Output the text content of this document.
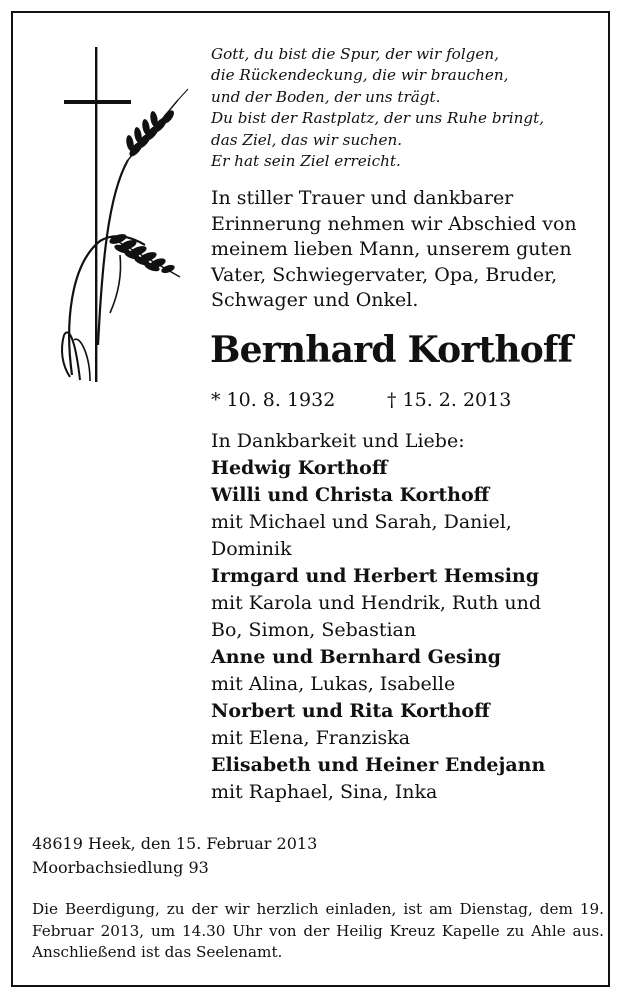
Gott, du bist die Spur, der wir folgen,
die Rückendeckung, die wir brauchen,
und der Boden, der uns trägt.
Du bist der Rastplatz, der uns Ruhe bringt,
das Ziel, das wir suchen.
Er hat sein Ziel erreicht.
In stiller Trauer und dankbarer
Erinnerung nehmen wir Abschied von
meinem lieben Mann, unserem guten
Vater, Schwiegervater, Opa, Bruder,
Schwager und Onkel.
Bernhard Korthoff
* 10. 8. 1932	† 15. 2. 2013
In Dankbarkeit und Liebe:
Hedwig Korthoff
Willi und Christa Korthoff
mit Michael und Sarah, Daniel,
Dominik
Irmgard und Herbert Hemsing
mit Karola und Hendrik, Ruth und
Bo, Simon, Sebastian
Anne und Bernhard Gesing
mit Alina, Lukas, Isabelle
Norbert und Rita Korthoff
mit Elena, Franziska
Elisabeth und Heiner Endejann
mit Raphael, Sina, Inka
48619 Heek, den 15. Februar 2013
Moorbachsiedlung 93
Die Beerdigung, zu der wir herzlich einladen, ist am Dienstag, dem 19. Februar 2013, um 14.30 Uhr von der Heilig Kreuz Kapelle zu Ahle aus. Anschließend ist das Seelenamt.
